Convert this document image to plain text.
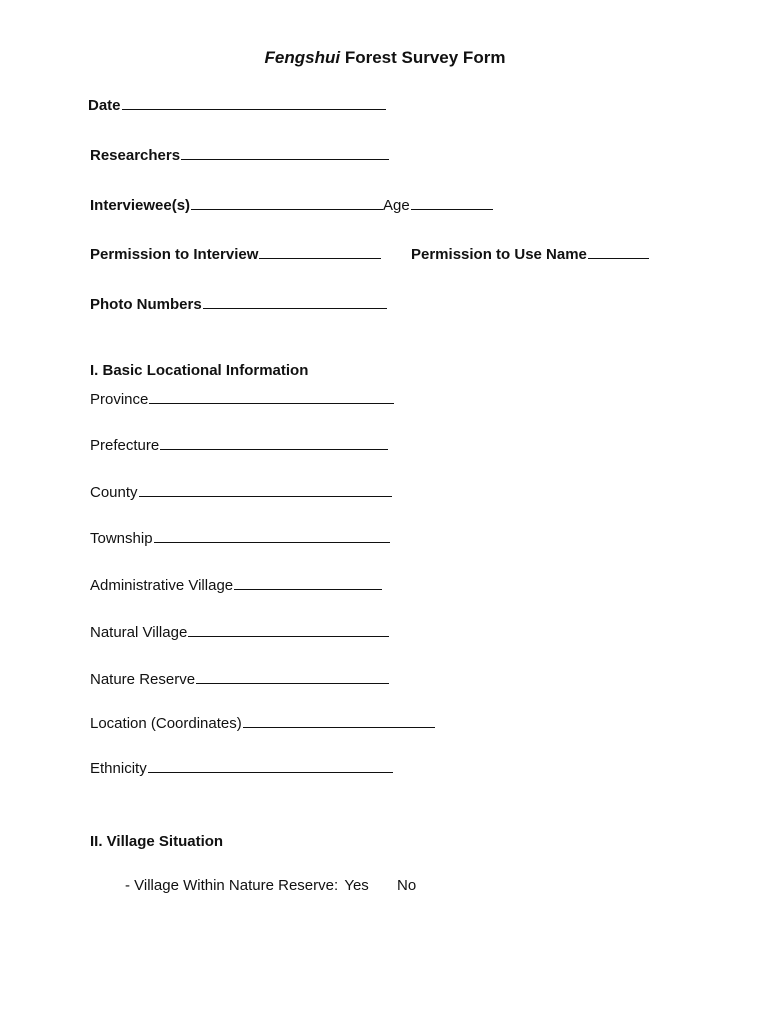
Fengshui Forest Survey Form
Date
Researchers
Interviewee(s)	Age
Permission to Interview	Permission to Use Name
Photo Numbers
I. Basic Locational Information
Province
Prefecture
County
Township
Administrative Village
Natural Village
Nature Reserve
Location (Coordinates)
Ethnicity
II. Village Situation
- Village Within Nature Reserve: Yes No
